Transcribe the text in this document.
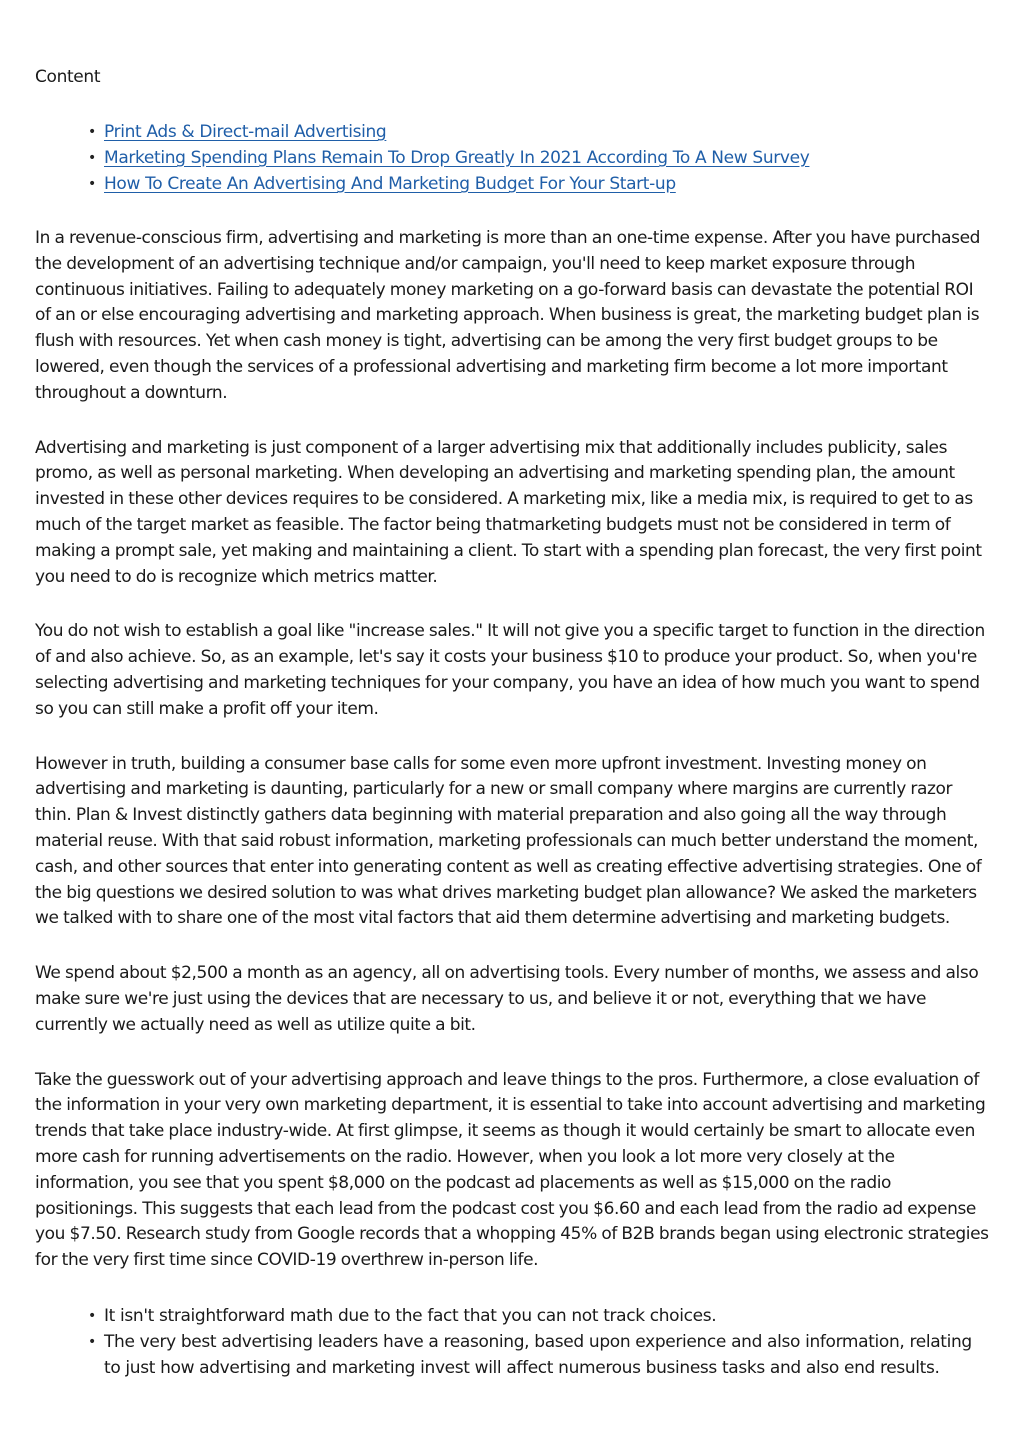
Content
• Print Ads & Direct-mail Advertising
• Marketing Spending Plans Remain To Drop Greatly In 2021 According To A New Survey
• How To Create An Advertising And Marketing Budget For Your Start-up

In a revenue-conscious firm, advertising and marketing is more than an one-time expense. After you have purchased the development of an advertising technique and/or campaign, you'll need to keep market exposure through continuous initiatives. Failing to adequately money marketing on a go-forward basis can devastate the potential ROI of an or else encouraging advertising and marketing approach. When business is great, the marketing budget plan is flush with resources. Yet when cash money is tight, advertising can be among the very first budget groups to be lowered, even though the services of a professional advertising and marketing firm become a lot more important throughout a downturn.

Advertising and marketing is just component of a larger advertising mix that additionally includes publicity, sales promo, as well as personal marketing. When developing an advertising and marketing spending plan, the amount invested in these other devices requires to be considered. A marketing mix, like a media mix, is required to get to as much of the target market as feasible. The factor being thatmarketing budgets must not be considered in term of making a prompt sale, yet making and maintaining a client. To start with a spending plan forecast, the very first point you need to do is recognize which metrics matter.

You do not wish to establish a goal like "increase sales." It will not give you a specific target to function in the direction of and also achieve. So, as an example, let's say it costs your business $10 to produce your product. So, when you're selecting advertising and marketing techniques for your company, you have an idea of how much you want to spend so you can still make a profit off your item.

However in truth, building a consumer base calls for some even more upfront investment. Investing money on advertising and marketing is daunting, particularly for a new or small company where margins are currently razor thin. Plan & Invest distinctly gathers data beginning with material preparation and also going all the way through material reuse. With that said robust information, marketing professionals can much better understand the moment, cash, and other sources that enter into generating content as well as creating effective advertising strategies. One of the big questions we desired solution to was what drives marketing budget plan allowance? We asked the marketers we talked with to share one of the most vital factors that aid them determine advertising and marketing budgets.

We spend about $2,500 a month as an agency, all on advertising tools. Every number of months, we assess and also make sure we're just using the devices that are necessary to us, and believe it or not, everything that we have currently we actually need as well as utilize quite a bit.

Take the guesswork out of your advertising approach and leave things to the pros. Furthermore, a close evaluation of the information in your very own marketing department, it is essential to take into account advertising and marketing trends that take place industry-wide. At first glimpse, it seems as though it would certainly be smart to allocate even more cash for running advertisements on the radio. However, when you look a lot more very closely at the information, you see that you spent $8,000 on the podcast ad placements as well as $15,000 on the radio positionings. This suggests that each lead from the podcast cost you $6.60 and each lead from the radio ad expense you $7.50. Research study from Google records that a whopping 45% of B2B brands began using electronic strategies for the very first time since COVID-19 overthrew in-person life.

• It isn't straightforward math due to the fact that you can not track choices.
• The very best advertising leaders have a reasoning, based upon experience and also information, relating to just how advertising and marketing invest will affect numerous business tasks and also end results.
